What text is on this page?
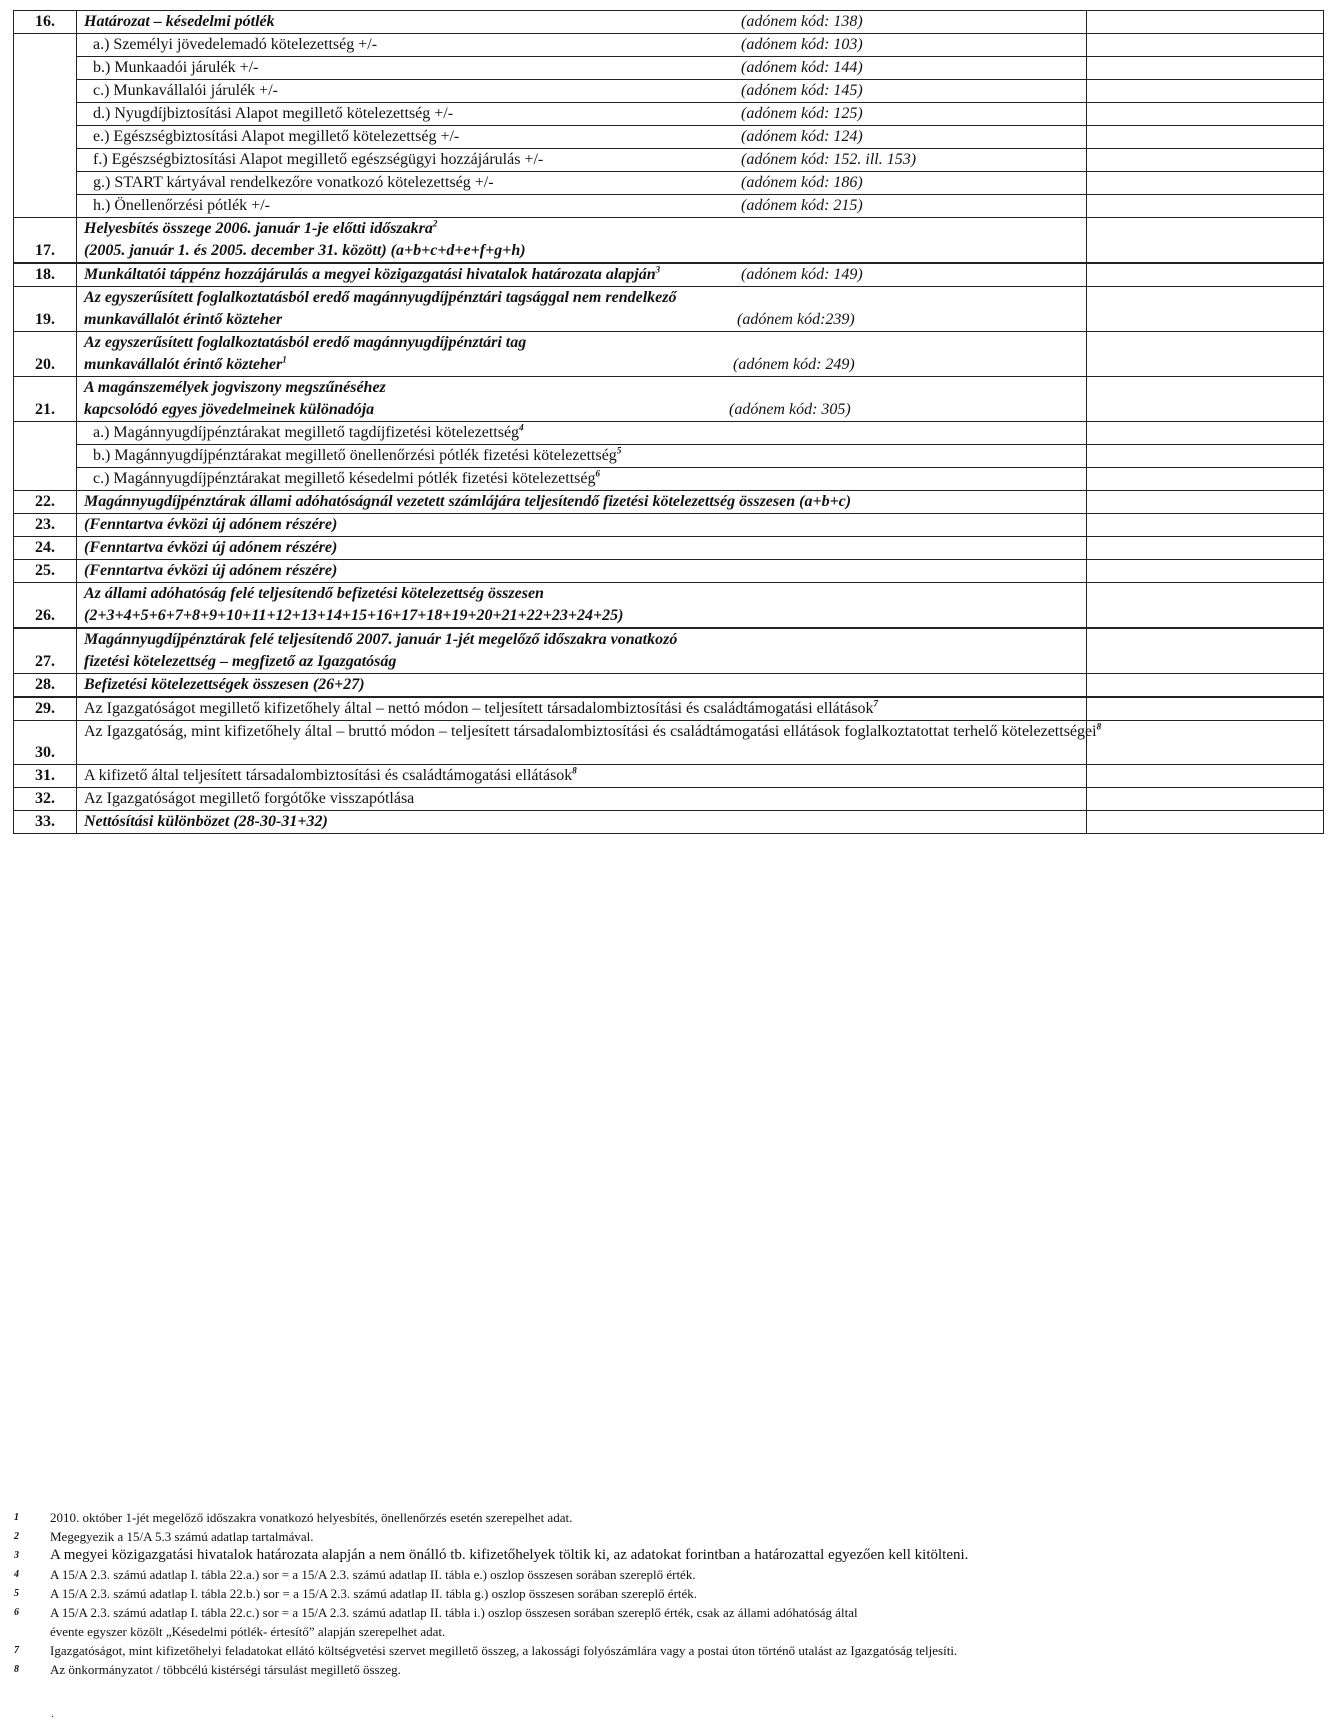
16.	Határozat – késedelmi pótlék (adónem kód: 138)	

	a.) Személyi jövedelemadó kötelezettség +/- (adónem kód: 103)	

	b.) Munkaadói járulék +/- (adónem kód: 144)	

	c.) Munkavállalói járulék +/- (adónem kód: 145)	

	d.) Nyugdíjbiztosítási Alapot megillető kötelezettség +/- (adónem kód: 125)	

	e.) Egészségbiztosítási Alapot megillető kötelezettség +/- (adónem kód: 124)	

	f.) Egészségbiztosítási Alapot megillető egészségügyi hozzájárulás +/- (adónem kód: 152. ill. 153)	

	g.) START kártyával rendelkezőre vonatkozó kötelezettség +/- (adónem kód: 186)	

	h.) Önellenőrzési pótlék +/- (adónem kód: 215)	

17.	Helyesbítés összege 2006. január 1-je előtti időszakra$^2$
(2005. január 1. és 2005. december 31. között) (a+b+c+d+e+f+g+h)	

18.	Munkáltatói táppénz hozzájárulás a megyei közigazgatási hivatalok határozata alapján$^3$ (adónem kód: 149)	

19.	Az egyszerűsített foglalkoztatásból eredő magánnyugdíjpénztári tagsággal nem rendelkező
munkavállalót érintő közteher (adónem kód:239)	

20.	Az egyszerűsített foglalkoztatásból eredő magánnyugdíjpénztári tag
munkavállalót érintő közteher$^1$ (adónem kód: 249)	

21.	A magánszemélyek jogviszony megszűnéséhez
kapcsolódó egyes jövedelmeinek különadója (adónem kód: 305)	

	a.) Magánnyugdíjpénztárakat megillető tagdíjfizetési kötelezettség$^4$

	b.) Magánnyugdíjpénztárakat megillető önellenőrzési pótlék fizetési kötelezettség$^5$

	c.) Magánnyugdíjpénztárakat megillető késedelmi pótlék fizetési kötelezettség$^6$

22.	Magánnyugdíjpénztárak állami adóhatóságnál vezetett számlájára teljesítendő fizetési kötelezettség összesen (a+b+c)	

23.	(Fenntartva évközi új adónem részére)	

24.	(Fenntartva évközi új adónem részére)	

25.	(Fenntartva évközi új adónem részére)	

26.	Az állami adóhatóság felé teljesítendő befizetési kötelezettség összesen
(2+3+4+5+6+7+8+9+10+11+12+13+14+15+16+17+18+19+20+21+22+23+24+25)	

27.	Magánnyugdíjpénztárak felé teljesítendő 2007. január 1-jét megelőző időszakra vonatkozó
fizetési kötelezettség – megfizető az Igazgatóság	

28.	Befizetési kötelezettségek összesen (26+27)	

29.	Az Igazgatóságot megillető kifizetőhely által – nettó módon – teljesített társadalombiztosítási és családtámogatási ellátások$^7$

30.	Az Igazgatóság, mint kifizetőhely által – bruttó módon – teljesített társadalombiztosítási és családtámogatási ellátások foglalkoztatottat terhelő kötelezettségei$^8$

31.	A kifizető által teljesített társadalombiztosítási és családtámogatási ellátások$^8$

32.	Az Igazgatóságot megillető forgótőke visszapótlása	

33.	Nettósítási különbözet (28-30-31+32)	

1	2010. október 1-jét megelőző időszakra vonatkozó helyesbítés, önellenőrzés esetén szerepelhet adat.
2	Megegyezik a 15/A 5.3 számú adatlap tartalmával.
3	A megyei közigazgatási hivatalok határozata alapján a nem önálló tb. kifizetőhelyek töltik ki, az adatokat forintban a határozattal egyezően kell kitölteni.
4	A 15/A 2.3. számú adatlap I. tábla 22.a.) sor = a 15/A 2.3. számú adatlap II. tábla e.) oszlop összesen sorában szereplő érték.
5	A 15/A 2.3. számú adatlap I. tábla 22.b.) sor = a 15/A 2.3. számú adatlap II. tábla g.) oszlop összesen sorában szereplő érték.
6	A 15/A 2.3. számú adatlap I. tábla 22.c.) sor = a 15/A 2.3. számú adatlap II. tábla i.) oszlop összesen sorában szereplő érték, csak az állami adóhatóság által
évente egyszer közölt „Késedelmi pótlék- értesítő” alapján szerepelhet adat.
7	Igazgatóságot, mint kifizetőhelyi feladatokat ellátó költségvetési szervet megillető összeg, a lakossági folyószámlára vagy a postai úton történő utalást az Igazgatóság teljesíti.
8	Az önkormányzatot / többcélú kistérségi társulást megillető összeg.
.
